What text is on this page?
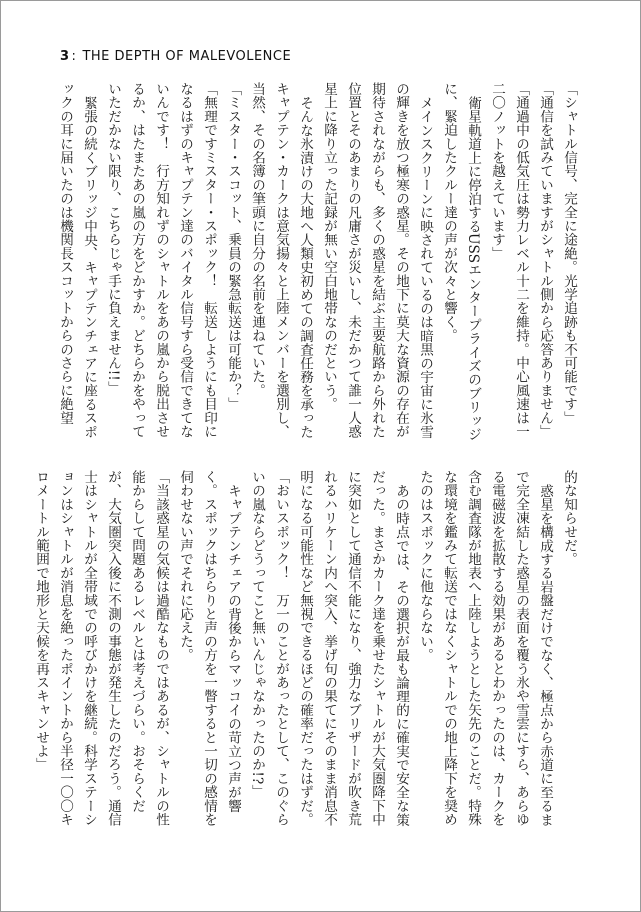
3 : THE DEPTH OF MALEVOLENCE

「シャトル信号、完全に途絶。光学追跡も不可能です」

「通信を試みていますがシャトル側から応答ありません」

「通過中の低気圧は勢力レベル十二を維持。中心風速は一二〇ノットを越えています」

衛星軌道上に停泊するUSSエンタープライズのブリッジに、緊迫したクルー達の声が次々と響く。

メインスクリーンに映されているのは暗黒の宇宙に氷雪の輝きを放つ極寒の惑星。その地下に莫大な資源の存在が期待されながらも、多くの惑星を結ぶ主要航路から外れた位置とそのあまりの凡庸さが災いし、未だかつて誰一人惑星上に降り立った記録が無い空白地帯なのだという。

そんな氷漬けの大地へ人類史初めての調査任務を承ったキャプテン・カークは意気揚々と上陸メンバーを選別し、当然、その名簿の筆頭に自分の名前を連ねていた。

「ミスター・スコット、乗員の緊急転送は可能か？」

「無理ですミスター・スポック！　転送しようにも目印になるはずのキャプテン達のバイタル信号すら受信できてないんです！　行方知れずのシャトルをあの嵐から脱出させるか、はたまたあの嵐の方をどかすか。どちらかをやっていただかない限り、こちらじゃ手に負えません!!」

緊張の続くブリッジ中央、キャプテンチェアに座るスポックの耳に届いたのは機関長スコットからのさらに絶望

的な知らせだ。

惑星を構成する岩盤だけでなく、極点から赤道に至るまで完全凍結した惑星の表面を覆う氷や雪雲にすら、あらゆる電磁波を拡散する効果があるとわかったのは、カークを含む調査隊が地表へ上陸しようとした矢先のことだ。特殊な環境を鑑みて転送ではなくシャトルでの地上降下を奨めたのはスポックに他ならない。

あの時点では、その選択が最も論理的に確実で安全な策だった。まさかカーク達を乗せたシャトルが大気圏降下中に突如として通信不能になり、強力なブリザードが吹き荒れるハリケーン内へ突入、挙げ句の果てにそのまま消息不明になる可能性など無視できるほどの確率だったはずだ。

「おいスポック！　万一のことがあったとして、このぐらいの嵐ならどうってこと無いんじゃなかったのか!?」

キャプテンチェアの背後からマッコイの苛立つ声が響く。スポックはちらりと声の方を一瞥すると一切の感情を伺わせない声でそれに応えた。

「当該惑星の気候は過酷なものではあるが、シャトルの性能からして問題あるレベルとは考えづらい。おそらくだが、大気圏突入後に不測の事態が発生したのだろう。通信士はシャトルが全帯域での呼びかけを継続。科学ステーションはシャトルが消息を絶ったポイントから半径一〇〇キロメートル範囲で地形と天候を再スキャンせよ」
